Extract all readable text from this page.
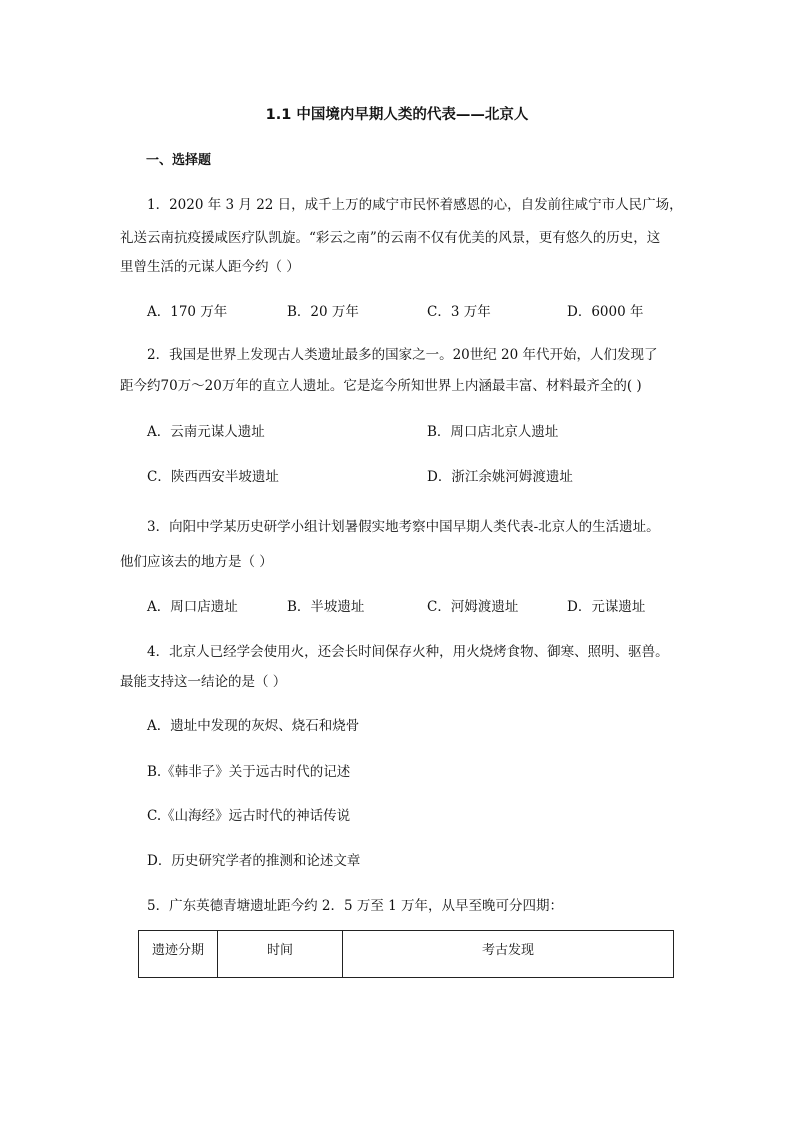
1.1 中国境内早期人类的代表——北京人
一、选择题
1．2020 年 3 月 22 日，成千上万的咸宁市民怀着感恩的心，自发前往咸宁市人民广场，
礼送云南抗疫援咸医疗队凯旋。“彩云之南”的云南不仅有优美的风景，更有悠久的历史，这
里曾生活的元谋人距今约（ ）
A．170 万年	B．20 万年	C．3 万年	D．6000 年
2．我国是世界上发现古人类遗址最多的国家之一。20世纪 20 年代开始，人们发现了
距今约70万～20万年的直立人遗址。它是迄今所知世界上内涵最丰富、材料最齐全的( )
A．云南元谋人遗址	B．周口店北京人遗址
C．陕西西安半坡遗址	D．浙江余姚河姆渡遗址
3．向阳中学某历史研学小组计划暑假实地考察中国早期人类代表-北京人的生活遗址。
他们应该去的地方是（ ）
A．周口店遗址	B．半坡遗址	C．河姆渡遗址	D．元谋遗址
4．北京人已经学会使用火，还会长时间保存火种，用火烧烤食物、御寒、照明、驱兽。
最能支持这一结论的是（ ）
A．遗址中发现的灰烬、烧石和烧骨
B.《韩非子》关于远古时代的记述
C.《山海经》远古时代的神话传说
D．历史研究学者的推测和论述文章
5．广东英德青塘遗址距今约 2．5 万至 1 万年，从早至晚可分四期：
遗迹分期	时间	考古发现
